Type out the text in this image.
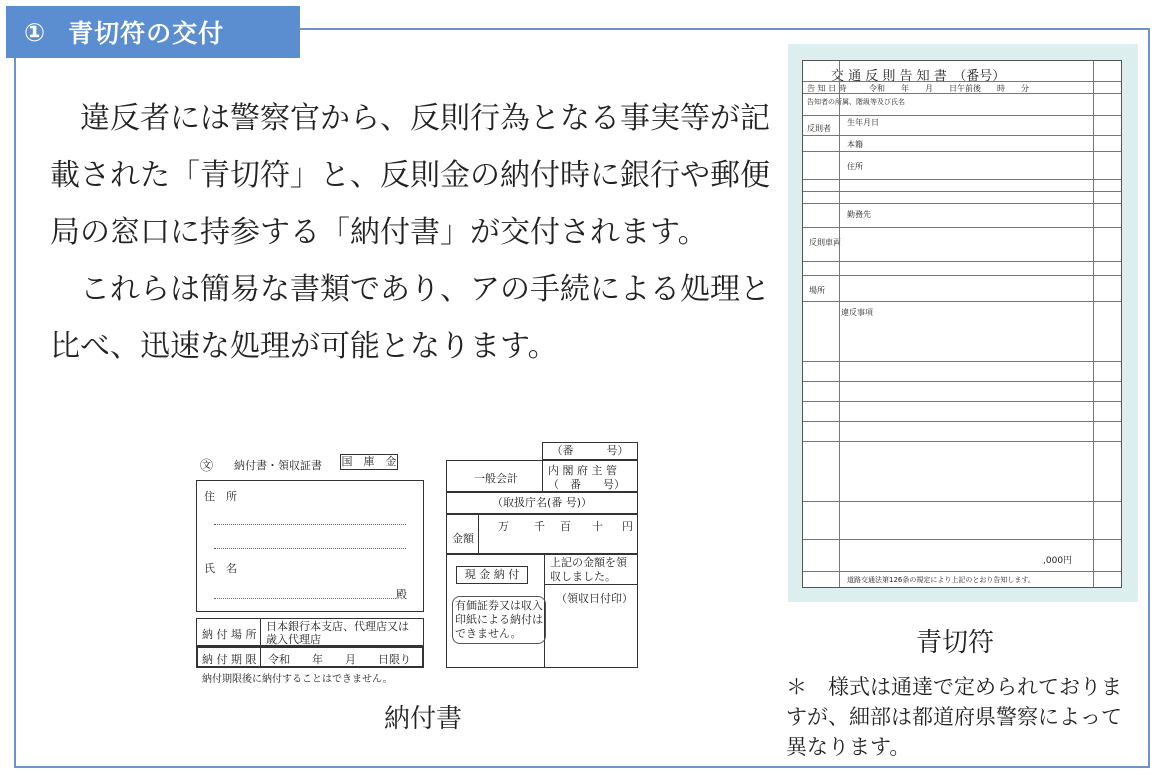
① 青切符の交付

違反者には警察官から、反則行為となる事実等が記載された「青切符」と、反則金の納付時に銀行や郵便局の窓口に持参する「納付書」が交付されます。

これらは簡易な書類であり、アの手続による処理と比べ、迅速な処理が可能となります。

㉆ 納付書・領収証書 国　庫　金
住　所
氏　名
殿
納 付 場 所
日本銀行本支店、代理店又は歳入代理店
納 付 期 限 令和　　年　　月　　日限り
納付期限後に納付することはできません。
（番　　　号）
一般会計
内 閣 府 主 管
（　番　　号）
（取扱庁名(番 号)）
金額
万 千 百 十 円
現 金 納 付
有価証券又は収入印紙による納付はできません。
上記の金額を領収しました。
（領収日付印）
納付書
交 通 反 則 告 知 書　（番号）
告 知 日 時	令和　　年　　月　　日午前後　　時　　分
告知者の所属、階級等及び氏名
反則者
生年月日
本籍
住所
勤務先
反則車両
場所
違反事項
,000円
道路交通法第126条の規定により上記のとおり告知します。
青切符
＊　様式は通達で定められておりますが、細部は都道府県警察によって異なります。
